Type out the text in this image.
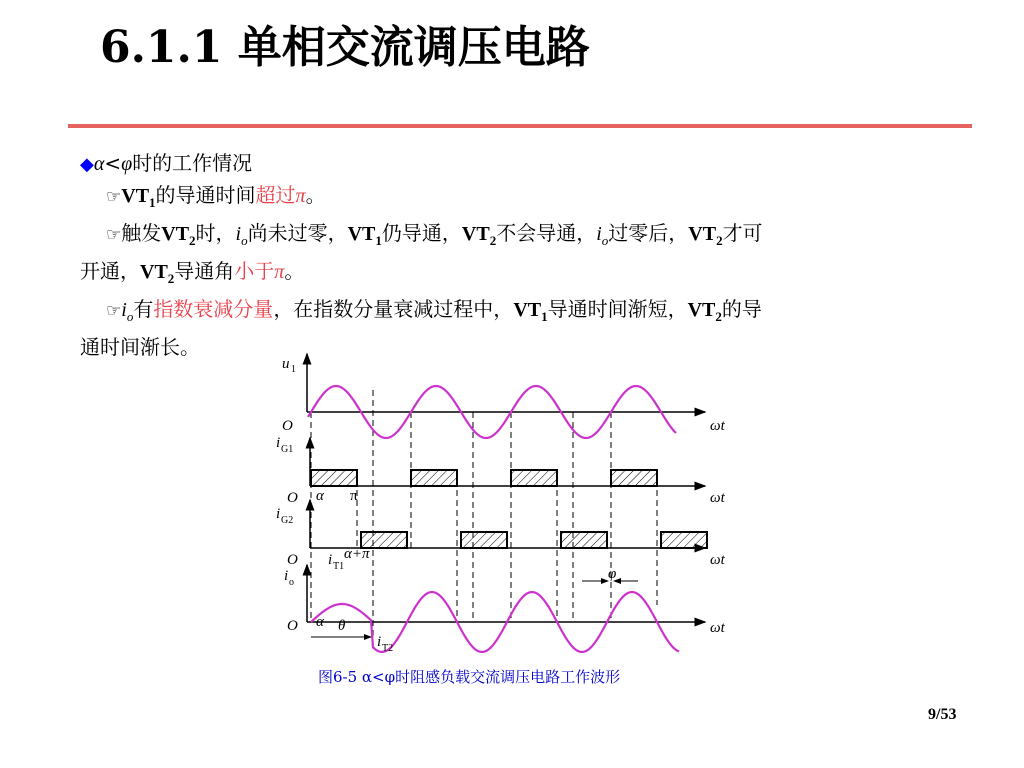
6.1.1 单相交流调压电路
◆α<φ时的工作情况
$☞VT_1$的导通时间超过π。
☞触发$VT_2$时，$i_o$尚未过零，$VT_1$仍导通，$VT_2$不会导通，$i_o$过零后，$VT_2$才可
开通，$VT_2$导通角小于π。
$☞i_o$有指数衰减分量，在指数分量衰减过程中，$VT_1$导通时间渐短，$VT_2$的导
通时间渐长。
u 1
O	ωt
i G1
O α π	ωt
i G2
O	α+π	ωt
i T1
i o
φ
O α θ	ωt
i T2
图6-5 α<φ时阻感负载交流调压电路工作波形
9/53
